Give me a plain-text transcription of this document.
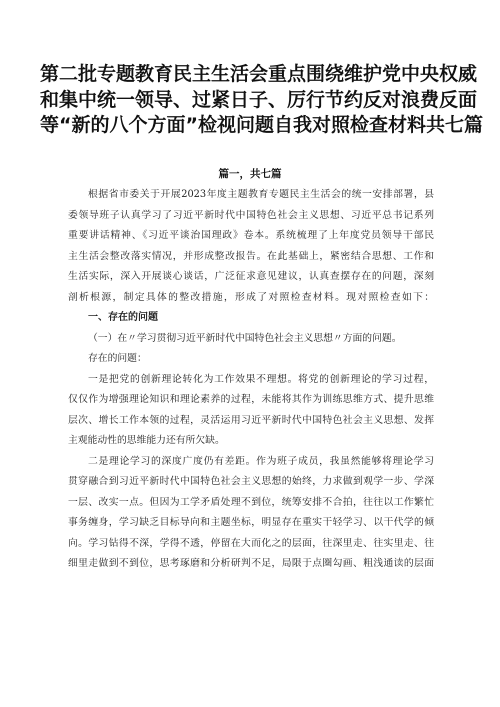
第二批专题教育民主生活会重点围绕维护党中央权威
和集中统一领导、过紧日子、厉行节约反对浪费反面
等“新的八个方面”检视问题自我对照检查材料共七篇
篇一，共七篇
根据省市委关于开展2023年度主题教育专题民主生活会的统一安排部署，县
委领导班子认真学习了习近平新时代中国特色社会主义思想、习近平总书记系列
重要讲话精神、《习近平谈治国理政》卷本。系统梳理了上年度党员领导干部民
主生活会整改落实情况，并形成整改报告。在此基础上，紧密结合思想、工作和
生活实际，深入开展谈心谈话，广泛征求意见建议，认真查摆存在的问题，深刻
剖析根源，制定具体的整改措施，形成了对照检查材料。现对照检查如下：
一、存在的问题
（一）在〃学习贯彻习近平新时代中国特色社会主义思想〃方面的问题。
存在的问题：
一是把党的创新理论转化为工作效果不理想。将党的创新理论的学习过程，
仅仅作为增强理论知识和理论素养的过程，未能将其作为训练思维方式、提升思维
层次、增长工作本领的过程，灵活运用习近平新时代中国特色社会主义思想、发挥
主观能动性的思维能力还有所欠缺。
二是理论学习的深度广度仍有差距。作为班子成员，我虽然能够将理论学习
贯穿融合到习近平新时代中国特色社会主义思想的始终，力求做到观学一步、学深
一层、改实一点。但因为工学矛盾处理不到位，统筹安排不合拍，往往以工作繁忙
事务缠身，学习缺乏目标导向和主题坐标，明显存在重实干轻学习、以干代学的倾
向。学习钻得不深，学得不透，停留在大而化之的层面，往深里走、往实里走、往
细里走做到不到位，思考琢磨和分析研判不足，局限于点圈勾画、粗浅通读的层面
